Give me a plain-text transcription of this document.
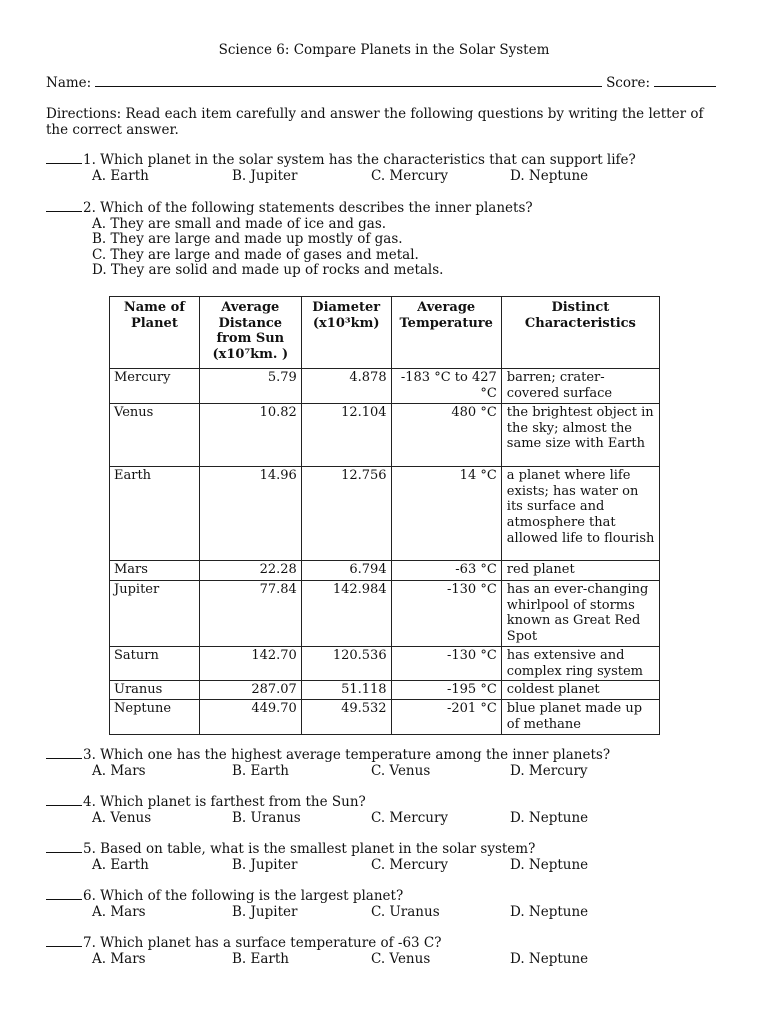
Science 6: Compare Planets in the Solar System
Name:	Score:
Directions: Read each item carefully and answer the following questions by writing the letter of the correct answer.
1. Which planet in the solar system has the characteristics that can support life?
A. Earth	B. Jupiter	C. Mercury	D. Neptune
2. Which of the following statements describes the inner planets?
A. They are small and made of ice and gas.
B. They are large and made up mostly of gas.
C. They are large and made of gases and metal.
D. They are solid and made up of rocks and metals.
Name of Planet	Average Distance from Sun (x10⁷km. )	Diameter (x10³km)	Average Temperature	Distinct Characteristics
Mercury	5.79	4.878	-183 °C to 427 °C	barren; crater-covered surface
Venus	10.82	12.104	480 °C	the brightest object in the sky; almost the same size with Earth
Earth	14.96	12.756	14 °C	a planet where life exists; has water on its surface and atmosphere that allowed life to flourish
Mars	22.28	6.794	-63 °C	red planet
Jupiter	77.84	142.984	-130 °C	has an ever-changing whirlpool of storms known as Great Red Spot
Saturn	142.70	120.536	-130 °C	has extensive and complex ring system
Uranus	287.07	51.118	-195 °C	coldest planet
Neptune	449.70	49.532	-201 °C	blue planet made up of methane
3. Which one has the highest average temperature among the inner planets?
A. Mars	B. Earth	C. Venus	D. Mercury
4. Which planet is farthest from the Sun?
A. Venus	B. Uranus	C. Mercury	D. Neptune
5. Based on table, what is the smallest planet in the solar system?
A. Earth	B. Jupiter	C. Mercury	D. Neptune
6. Which of the following is the largest planet?
A. Mars	B. Jupiter	C. Uranus	D. Neptune
7. Which planet has a surface temperature of -63 C?
A. Mars	B. Earth	C. Venus	D. Neptune
